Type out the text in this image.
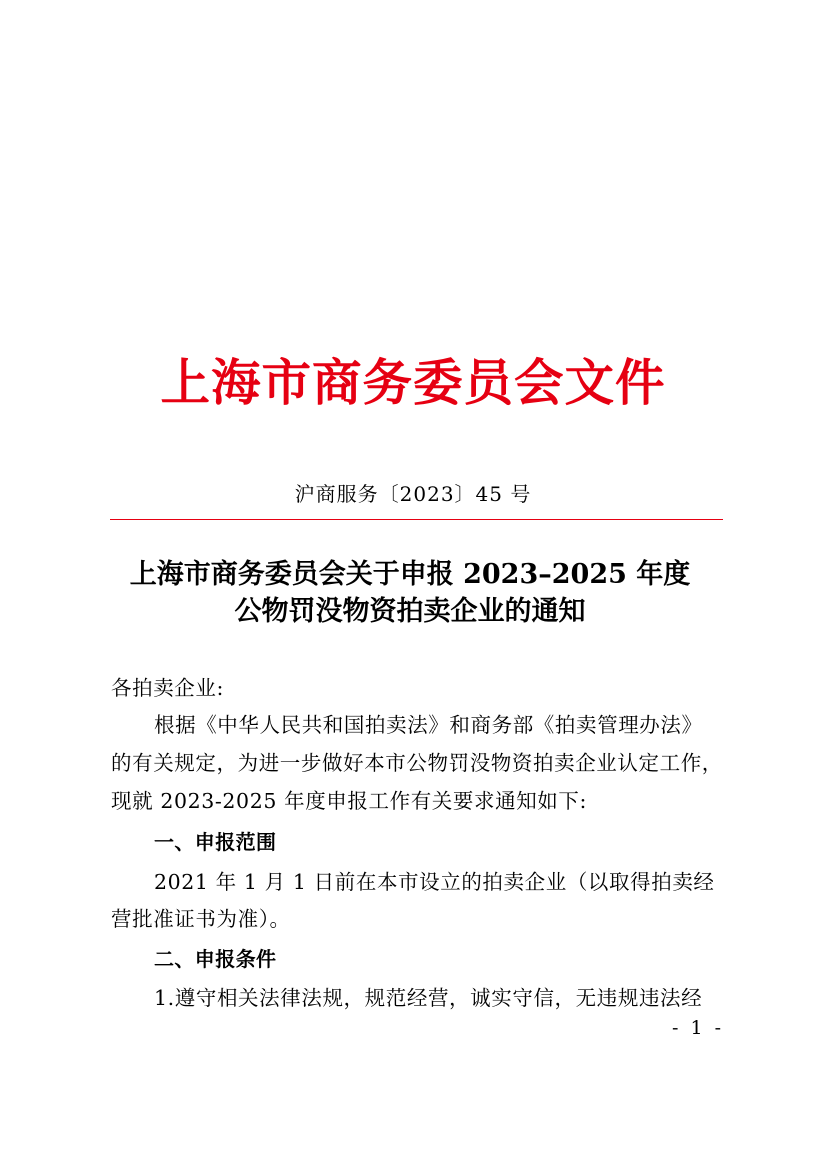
上海市商务委员会文件
沪商服务〔2023〕45 号
上海市商务委员会关于申报 2023–2025 年度
公物罚没物资拍卖企业的通知
各拍卖企业:
根据《中华人民共和国拍卖法》和商务部《拍卖管理办法》
的有关规定，为进一步做好本市公物罚没物资拍卖企业认定工作，
现就 2023-2025 年度申报工作有关要求通知如下:
一、申报范围
2021 年 1 月 1 日前在本市设立的拍卖企业（以取得拍卖经
营批准证书为准）。
二、申报条件
1.遵守相关法律法规，规范经营，诚实守信，无违规违法经
- 1 -
